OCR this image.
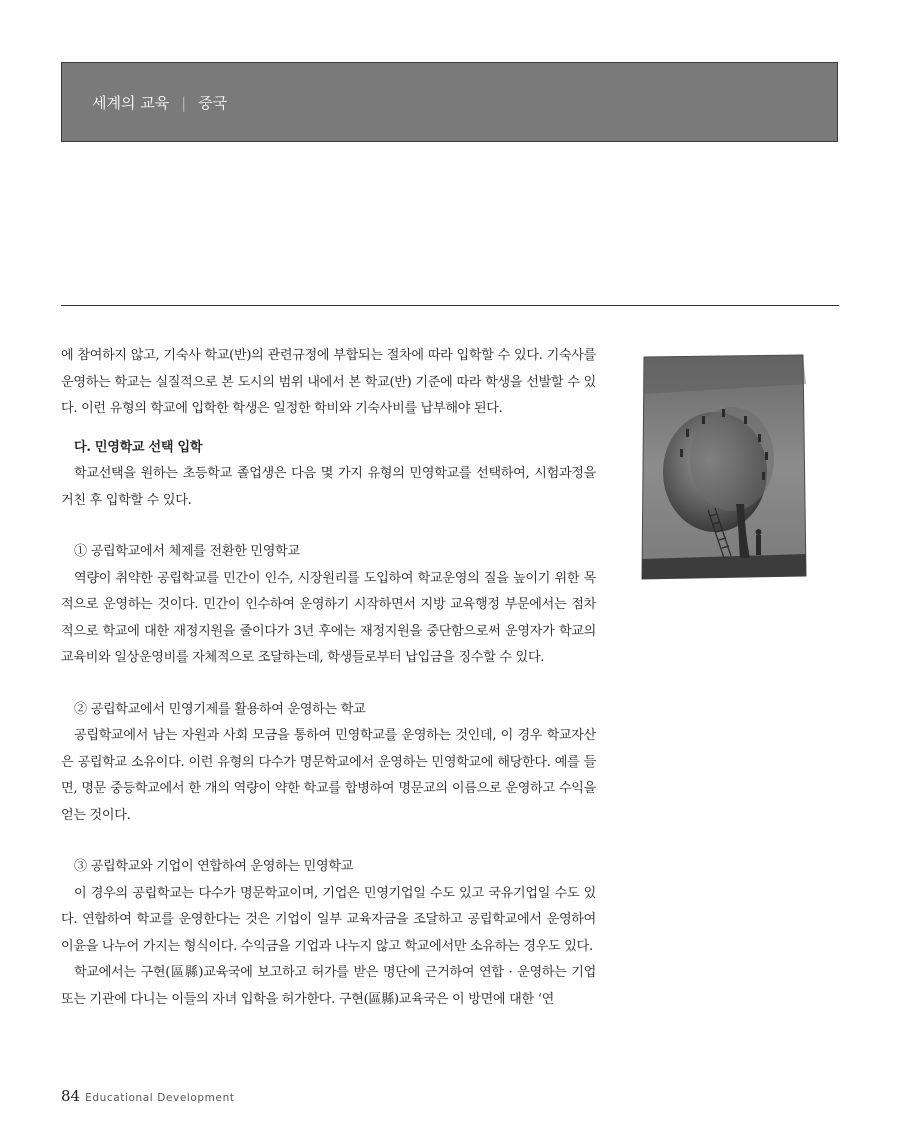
세계의 교육 | 중국

에 참여하지 않고, 기숙사 학교(반)의 관련규정에 부합되는 절차에 따라 입학할 수 있다. 기숙사를 운영하는 학교는 실질적으로 본 도시의 범위 내에서 본 학교(반) 기준에 따라 학생을 선발할 수 있다. 이런 유형의 학교에 입학한 학생은 일정한 학비와 기숙사비를 납부해야 된다.

다. 민영학교 선택 입학

학교선택을 원하는 초등학교 졸업생은 다음 몇 가지 유형의 민영학교를 선택하여, 시험과정을 거친 후 입학할 수 있다.

① 공립학교에서 체제를 전환한 민영학교

역량이 취약한 공립학교를 민간이 인수, 시장원리를 도입하여 학교운영의 질을 높이기 위한 목적으로 운영하는 것이다. 민간이 인수하여 운영하기 시작하면서 지방 교육행정 부문에서는 점차적으로 학교에 대한 재정지원을 줄이다가 3년 후에는 재정지원을 중단함으로써 운영자가 학교의 교육비와 일상운영비를 자체적으로 조달하는데, 학생들로부터 납입금을 징수할 수 있다.

② 공립학교에서 민영기제를 활용하여 운영하는 학교

공립학교에서 남는 자원과 사회 모금을 통하여 민영학교를 운영하는 것인데, 이 경우 학교자산은 공립학교 소유이다. 이런 유형의 다수가 명문학교에서 운영하는 민영학교에 해당한다. 예를 들면, 명문 중등학교에서 한 개의 역량이 약한 학교를 합병하여 명문교의 이름으로 운영하고 수익을 얻는 것이다.

③ 공립학교와 기업이 연합하여 운영하는 민영학교

이 경우의 공립학교는 다수가 명문학교이며, 기업은 민영기업일 수도 있고 국유기업일 수도 있다. 연합하여 학교를 운영한다는 것은 기업이 일부 교육자금을 조달하고 공립학교에서 운영하여 이윤을 나누어 가지는 형식이다. 수익금을 기업과 나누지 않고 학교에서만 소유하는 경우도 있다.

학교에서는 구현(區縣)교육국에 보고하고 허가를 받은 명단에 근거하여 연합 · 운영하는 기업 또는 기관에 다니는 이들의 자녀 입학을 허가한다. 구현(區縣)교육국은 이 방면에 대한 ‘연

84 Educational Development
